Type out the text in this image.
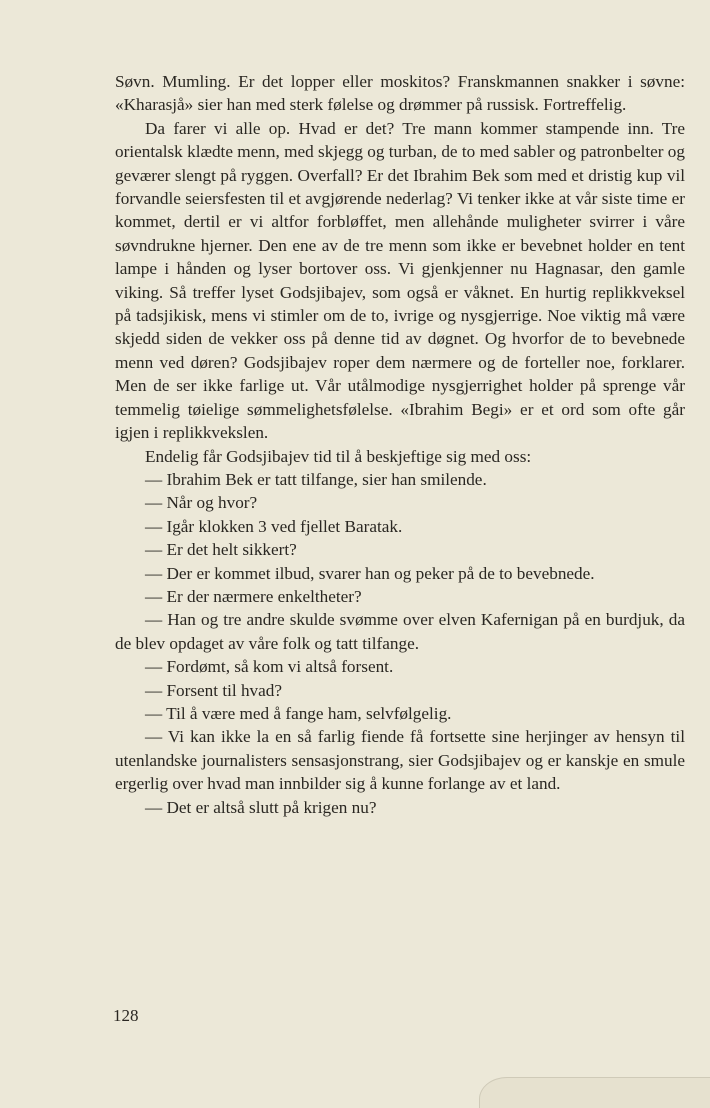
Søvn. Mumling. Er det lopper eller moskitos? Franskmannen snakker i søvne: «Kharasjå» sier han med sterk følelse og drømmer på russisk. Fortreffelig.

Da farer vi alle op. Hvad er det? Tre mann kommer stampende inn. Tre orientalsk klædte menn, med skjegg og turban, de to med sabler og patronbelter og geværer slengt på ryggen. Overfall? Er det Ibrahim Bek som med et dristig kup vil forvandle seiersfesten til et avgjørende nederlag? Vi tenker ikke at vår siste time er kommet, dertil er vi altfor forbløffet, men allehånde muligheter svirrer i våre søvndrukne hjerner. Den ene av de tre menn som ikke er bevebnet holder en tent lampe i hånden og lyser bortover oss. Vi gjenkjenner nu Hagnasar, den gamle viking. Så treffer lyset Godsjibajev, som også er våknet. En hurtig replikkveksel på tadsjikisk, mens vi stimler om de to, ivrige og nysgjerrige. Noe viktig må være skjedd siden de vekker oss på denne tid av døgnet. Og hvorfor de to bevebnede menn ved døren? Godsjibajev roper dem nærmere og de forteller noe, forklarer. Men de ser ikke farlige ut. Vår utålmodige nysgjerrighet holder på sprenge vår temmelig tøielige sømmelighetsfølelse. «Ibrahim Begi» er et ord som ofte går igjen i replikkvekslen.

Endelig får Godsjibajev tid til å beskjeftige sig med oss:

— Ibrahim Bek er tatt tilfange, sier han smilende.

— Når og hvor?

— Igår klokken 3 ved fjellet Baratak.

— Er det helt sikkert?

— Der er kommet ilbud, svarer han og peker på de to bevebnede.

— Er der nærmere enkeltheter?

— Han og tre andre skulde svømme over elven Kafernigan på en burdjuk, da de blev opdaget av våre folk og tatt tilfange.

— Fordømt, så kom vi altså forsent.

— Forsent til hvad?

— Til å være med å fange ham, selvfølgelig.

— Vi kan ikke la en så farlig fiende få fortsette sine herjinger av hensyn til utenlandske journalisters sensasjonstrang, sier Godsjibajev og er kanskje en smule ergerlig over hvad man innbilder sig å kunne forlange av et land.

— Det er altså slutt på krigen nu?

128
